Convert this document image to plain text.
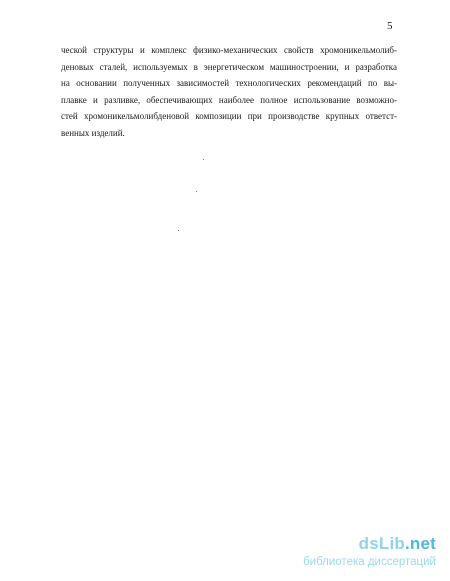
5

ческой структуры и комплекс физико-механических свойств хромоникельмолиб-
деновых сталей, используемых в энергетическом машиностроении, и разработка
на основании полученных зависимостей технологических рекомендаций по вы-
плавке и разливке, обеспечивающих наиболее полное использование возможно-
стей хромоникельмолибденовой композиции при производстве крупных ответст-
венных изделий.

dsLib.net
библиотека диссертаций
